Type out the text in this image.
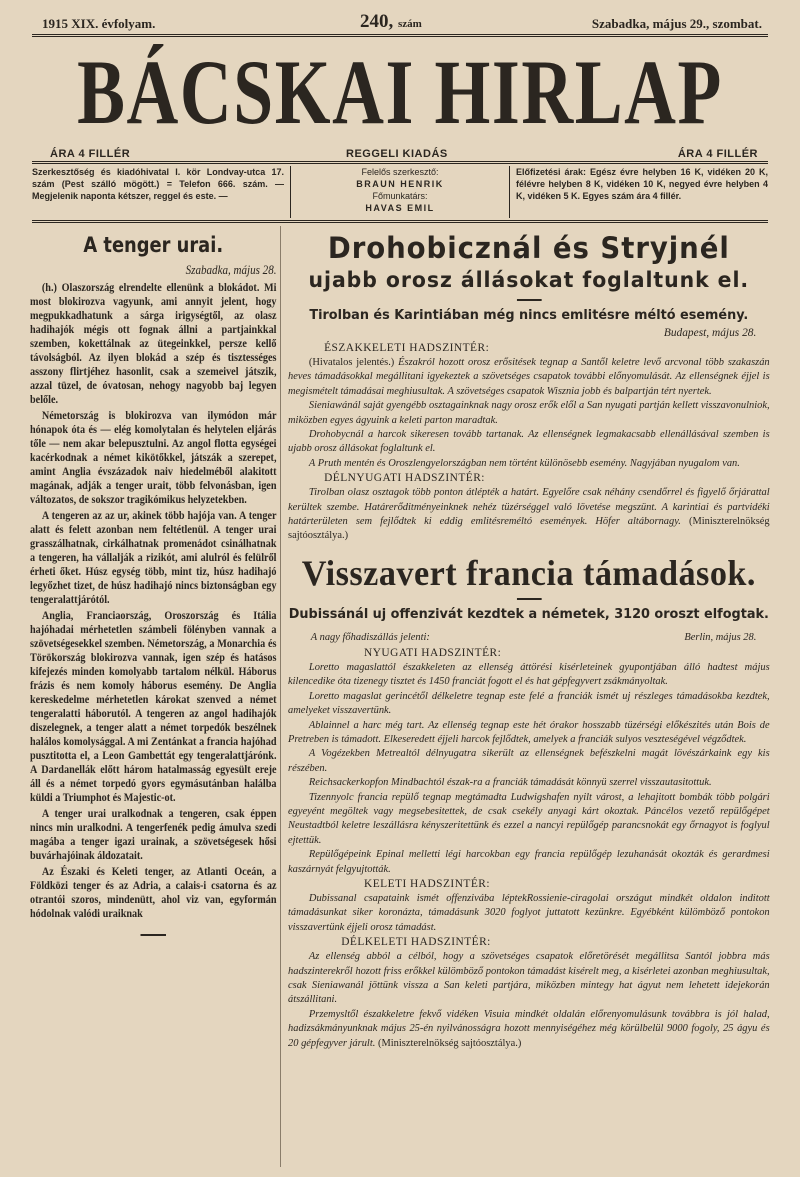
1915 XIX. évfolyam.	240, szám	Szabadka, május 29., szombat.
BÁCSKAI HIRLAP
ÁRA 4 FILLÉR	REGGELI KIADÁS	ÁRA 4 FILLÉR
Szerkesztőség és kiadóhivatal I. kör Londvay-utca 17. szám (Pest szálló mögött.) = Telefon 666. szám. — Megjelenik naponta kétszer, reggel és este. —
Felelős szerkesztő:
BRAUN HENRIK
Főmunkatárs:
HAVAS EMIL
Előfizetési árak: Egész évre helyben 16 K, vidéken 20 K, félévre helyben 8 K, vidéken 10 K, negyed évre helyben 4 K, vidéken 5 K. Egyes szám ára 4 fillér.
A tenger urai.
Szabadka, május 28.

(h.) Olaszország elrendelte ellenünk a blokádot. Mi most blokirozva vagyunk, ami annyit jelent, hogy megpukkadhatunk a sárga irigységtől, az olasz hadihajók mégis ott fognak állni a partjainkkal szemben, kokettálnak az ütegeinkkel, persze kellő távolságból. Az ilyen blokád a szép és tisztességes asszony flirtjéhez hasonlit, csak a szemeivel játszik, azzal tüzel, de óvatosan, nehogy nagyobb baj legyen belőle.

Németország is blokirozva van ilymódon már hónapok óta és — elég komolytalan és helytelen eljárás tőle — nem akar belepusztulni. Az angol flotta egységei kacérkodnak a német kikötőkkel, játszák a szerepet, amint Anglia évszázadok naiv hiedelméből alakitott magának, adják a tenger urait, több felvonásban, igen változatos, de sokszor tragikómikus helyzetekben.

A tengeren az az ur, akinek több hajója van. A tenger alatt és felett azonban nem feltétlenül. A tenger urai grasszálhatnak, cirkálhatnak promenádot csinálhatnak a tengeren, ha vállalják a rizikót, ami alulról és felülről érheti őket. Húsz egység több, mint tiz, húsz hadihajó legyőzhet tizet, de húsz hadihajó nincs biztonságban egy tengeralattjárótól.

Anglia, Franciaország, Oroszország és Itália hajóhadai mérhetetlen számbeli fölényben vannak a szövetségesekkel szemben. Németország, a Monarchia és Törökország blokirozva vannak, igen szép és hatásos kifejezés minden komolyabb tartalom nélkül. Háborus frázis és nem komoly háborus esemény. De Anglia kereskedelme mérhetetlen károkat szenved a német tengeralatti háborutól. A tengeren az angol hadihajók diszelegnek, a tenger alatt a német torpedók beszélnek halálos komolysággal. A mi Zentánkat a francia hajóhad pusztitotta el, a Leon Gambettát egy tengeralattjárónk. A Dardanellák előtt három hatalmasság egyesült ereje áll és a német torpedó gyors egymásutánban halálba küldi a Triumphot és Majestic-ot.

A tenger urai uralkodnak a tengeren, csak éppen nincs min uralkodni. A tengerfenék pedig ámulva szedi magába a tenger igazi urainak, a szövetségesek hősi buvárhajóinak áldozatait.

Az Északi és Keleti tenger, az Atlanti Oceán, a Földközi tenger és az Adria, a calais-i csatorna és az otrantói szoros, mindenütt, ahol viz van, egyformán hódolnak valódi uraiknak

Drohobicznál és Stryjnél
ujabb orosz állásokat foglaltunk el.
Tirolban és Karintiában még nincs emlitésre méltó esemény.
Budapest, május 28.
ÉSZAKKELETI HADSZINTÉR:

(Hivatalos jelentés.) Északról hozott orosz erősitések tegnap a Santől keletre levő arcvonal több szakaszán heves támadásokkal megállitani igyekeztek a szövetséges csapatok további előnyomulását. Az ellenségnek éjjel is megismételt támadásai meghiusultak. A szövetséges csapatok Wisznia jobb és balpartján tért nyertek.

Sieniawánál saját gyengébb osztagainknak nagy orosz erők elől a San nyugati partján kellett visszavonulniok, miközben egyes ágyuink a keleti parton maradtak.

Drohobycnál a harcok sikeresen tovább tartanak. Az ellenségnek legmakacsabb ellenállásával szemben is ujabb orosz állásokat foglaltunk el.

A Pruth mentén és Oroszlengyelországban nem történt különösebb esemény. Nagyjában nyugalom van.

DÉLNYUGATI HADSZINTÉR:

Tirolban olasz osztagok több ponton átlépték a határt. Egyelőre csak néhány csendőrrel és figyelő őrjárattal kerültek szembe. Határerőditményeinknek nehéz tüzérséggel való lövetése megszünt. A karintiai és partvidéki határterületen sem fejlődtek ki eddig emlitésreméltó események. Höfer altábornagy. (Miniszterelnökség sajtóosztálya.)

Visszavert francia támadások.
Dubissánál uj offenzivát kezdtek a németek, 3120 oroszt elfogtak.
A nagy főhadiszállás jelenti:	Berlin, május 28.
NYUGATI HADSZINTÉR:

Loretto magaslattól északkeleten az ellenség áttörési kisérleteinek gyupontjában álló hadtest május kilencedike óta tizenegy tisztet és 1450 franciát fogott el és hat gépfegyvert zsákmányoltak.

Loretto magaslat gerincétől délkeletre tegnap este felé a franciák ismét uj részleges támadásokba kezdtek, amelyeket visszavertünk.

Ablainnel a harc még tart. Az ellenség tegnap este hét órakor hosszabb tüzérségi előkészités után Bois de Pretreben is támadott. Elkeseredett éjjeli harcok fejlődtek, amelyek a franciák sulyos veszteségével végződtek.

A Vogézekben Metrealtól délnyugatra sikerült az ellenségnek befészkelni magát lövészárkaink egy kis részében.

Reichsackerkopfon Mindbachtól észak-ra a franciák támadását könnyü szerrel visszautasitottuk.

Tizennyolc francia repülő tegnap megtámadta Ludwigshafen nyilt várost, a lehajitott bombák több polgári egyeyént megöltek vagy megsebesitettek, de csak csekély anyagi kárt okoztak. Páncélos vezető repülőgépet Neustadtból keletre leszállásra kényszeritettünk és ezzel a nancyi repülőgép parancsnokát egy őrnagyot is foglyul ejtettük.

Repülőgépeink Epinal melletti légi harcokban egy francia repülőgép lezuhanását okozták és gerardmesi kaszárnyát felgyujtották.

KELETI HADSZINTÉR:

Dubissanal csapataink ismét offenzivába léptekRossienie-ciragolai országut mindkét oldalon inditott támadásunkat siker koronázta, támadásunk 3020 foglyot juttatott kezünkre. Egyébként külömböző pontokon visszavertünk éjjeli orosz támadást.

DÉLKELETI HADSZINTÉR:

Az ellenség abból a célból, hogy a szövetséges csapatok előretörését megállitsa Santól jobbra más hadszinterekről hozott friss erőkkel külömböző pontokon támadást kisérelt meg, a kisérletei azonban meghiusultak, csak Sieniawanál jöttünk vissza a San keleti partjára, miközben mintegy hat ágyut nem lehetett idejekorán átszállitani.

Przemysltől északkeletre fekvő vidéken Visuia mindkét oldalán előrenyomulásunk továbbra is jól halad, hadizsákmányunknak május 25-én nyilvánosságra hozott mennyiségéhez még körülbelül 9000 fogoly, 25 ágyu és 20 gépfegyver járult. (Miniszterelnökség sajtóosztálya.)
